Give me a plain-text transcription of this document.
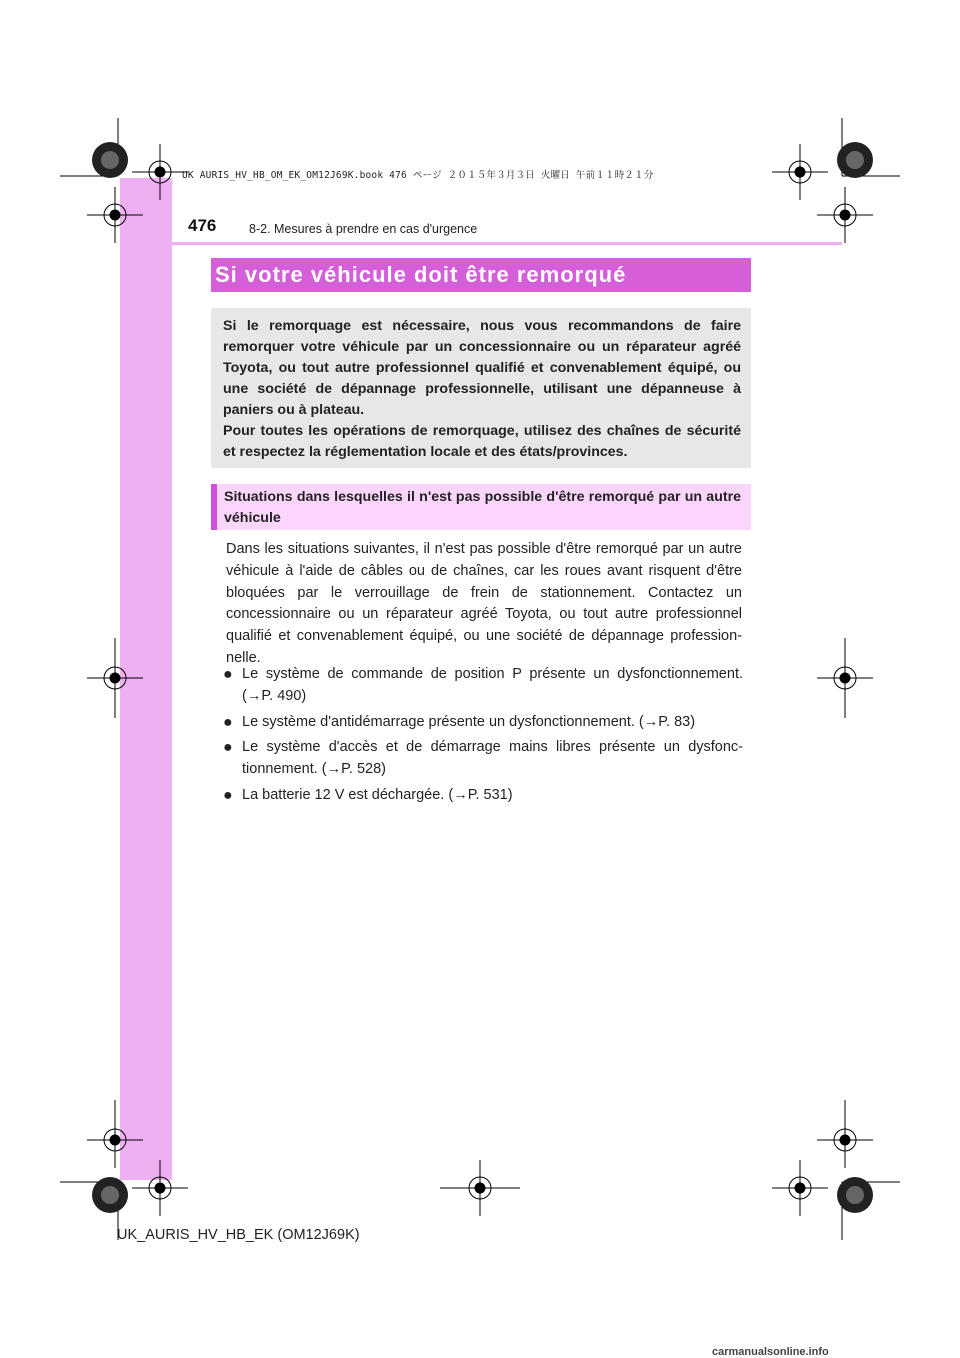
UK AURIS_HV_HB_OM_EK_OM12J69K.book 476 ページ ２０１５年３月３日 火曜日 午前１１時２１分
476	8-2. Mesures à prendre en cas d'urgence
Si votre véhicule doit être remorqué

Si le remorquage est nécessaire, nous vous recommandons de faire remorquer votre véhicule par un concessionnaire ou un réparateur agréé Toyota, ou tout autre professionnel qualifié et convenablement équipé, ou une société de dépannage professionnelle, utilisant une dépanneuse à paniers ou à plateau.

Pour toutes les opérations de remorquage, utilisez des chaînes de sécurité et respectez la réglementation locale et des états/provinces.

Situations dans lesquelles il n'est pas possible d'être remorqué par un autre véhicule

Dans les situations suivantes, il n'est pas possible d'être remorqué par un autre véhicule à l'aide de câbles ou de chaînes, car les roues avant risquent d'être bloquées par le verrouillage de frein de stationnement. Contactez un concessionnaire ou un réparateur agréé Toyota, ou tout autre professionnel qualifié et convenablement équipé, ou une société de dépannage profession-nelle.

● Le système de commande de position P présente un dysfonctionnement. (→P. 490)
● Le système d'antidémarrage présente un dysfonctionnement. (→P. 83)
● Le système d'accès et de démarrage mains libres présente un dysfonc-tionnement. (→P. 528)
● La batterie 12 V est déchargée. (→P. 531)
UK_AURIS_HV_HB_EK (OM12J69K)
carmanualsonline.info
